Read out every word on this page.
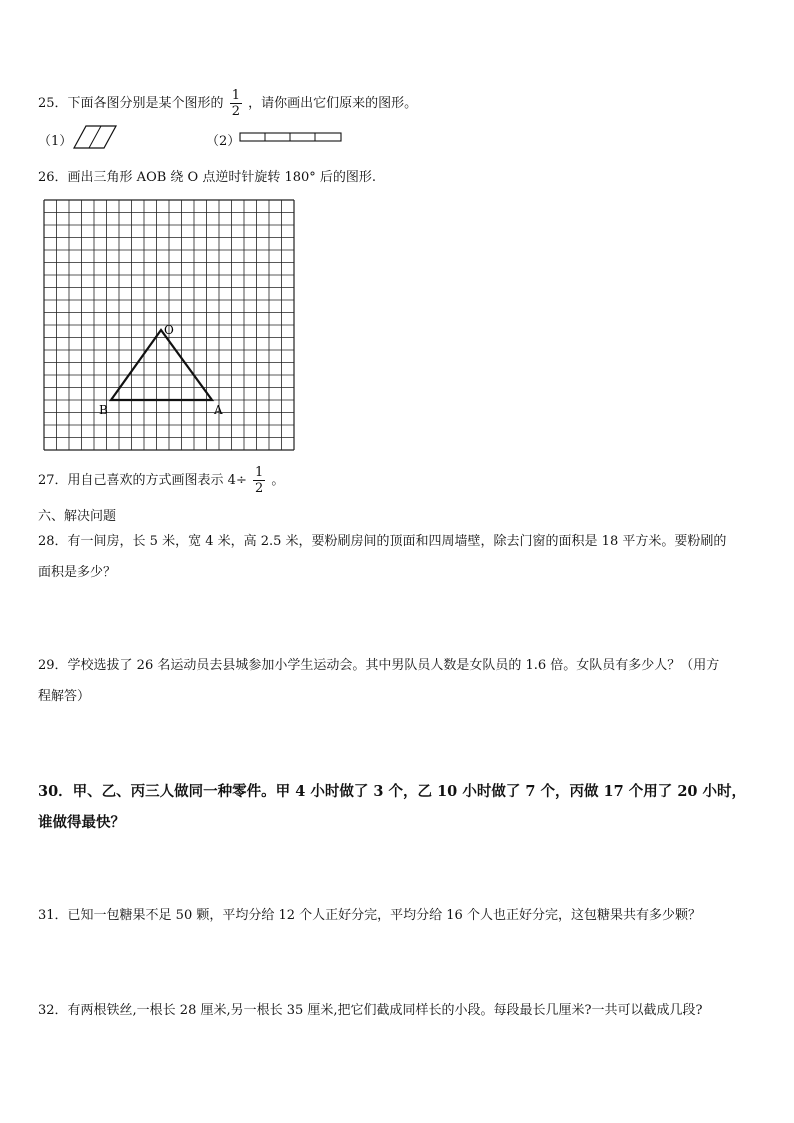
25．下面各图分别是某个图形的 $\frac{1}{2}$ ，请你画出它们原来的图形。
（1）	（2）
26．画出三角形 AOB 绕 O 点逆时针旋转 180° 后的图形.
O
B	A
27．用自己喜欢的方式画图表示 $4\div \frac{1}{2}$ 。
六、解决问题
28．有一间房，长 5 米，宽 4 米，高 2.5 米，要粉刷房间的顶面和四周墙壁，除去门窗的面积是 18 平方米。要粉刷的
面积是多少？
29．学校选拔了 26 名运动员去县城参加小学生运动会。其中男队员人数是女队员的 1.6 倍。女队员有多少人？（用方
程解答）
30．甲、乙、丙三人做同一种零件。甲 4 小时做了 3 个，乙 10 小时做了 7 个，丙做 17 个用了 20 小时，
谁做得最快？
31．已知一包糖果不足 50 颗，平均分给 12 个人正好分完，平均分给 16 个人也正好分完，这包糖果共有多少颗？
32．有两根铁丝,一根长 28 厘米,另一根长 35 厘米,把它们截成同样长的小段。每段最长几厘米?一共可以截成几段?
